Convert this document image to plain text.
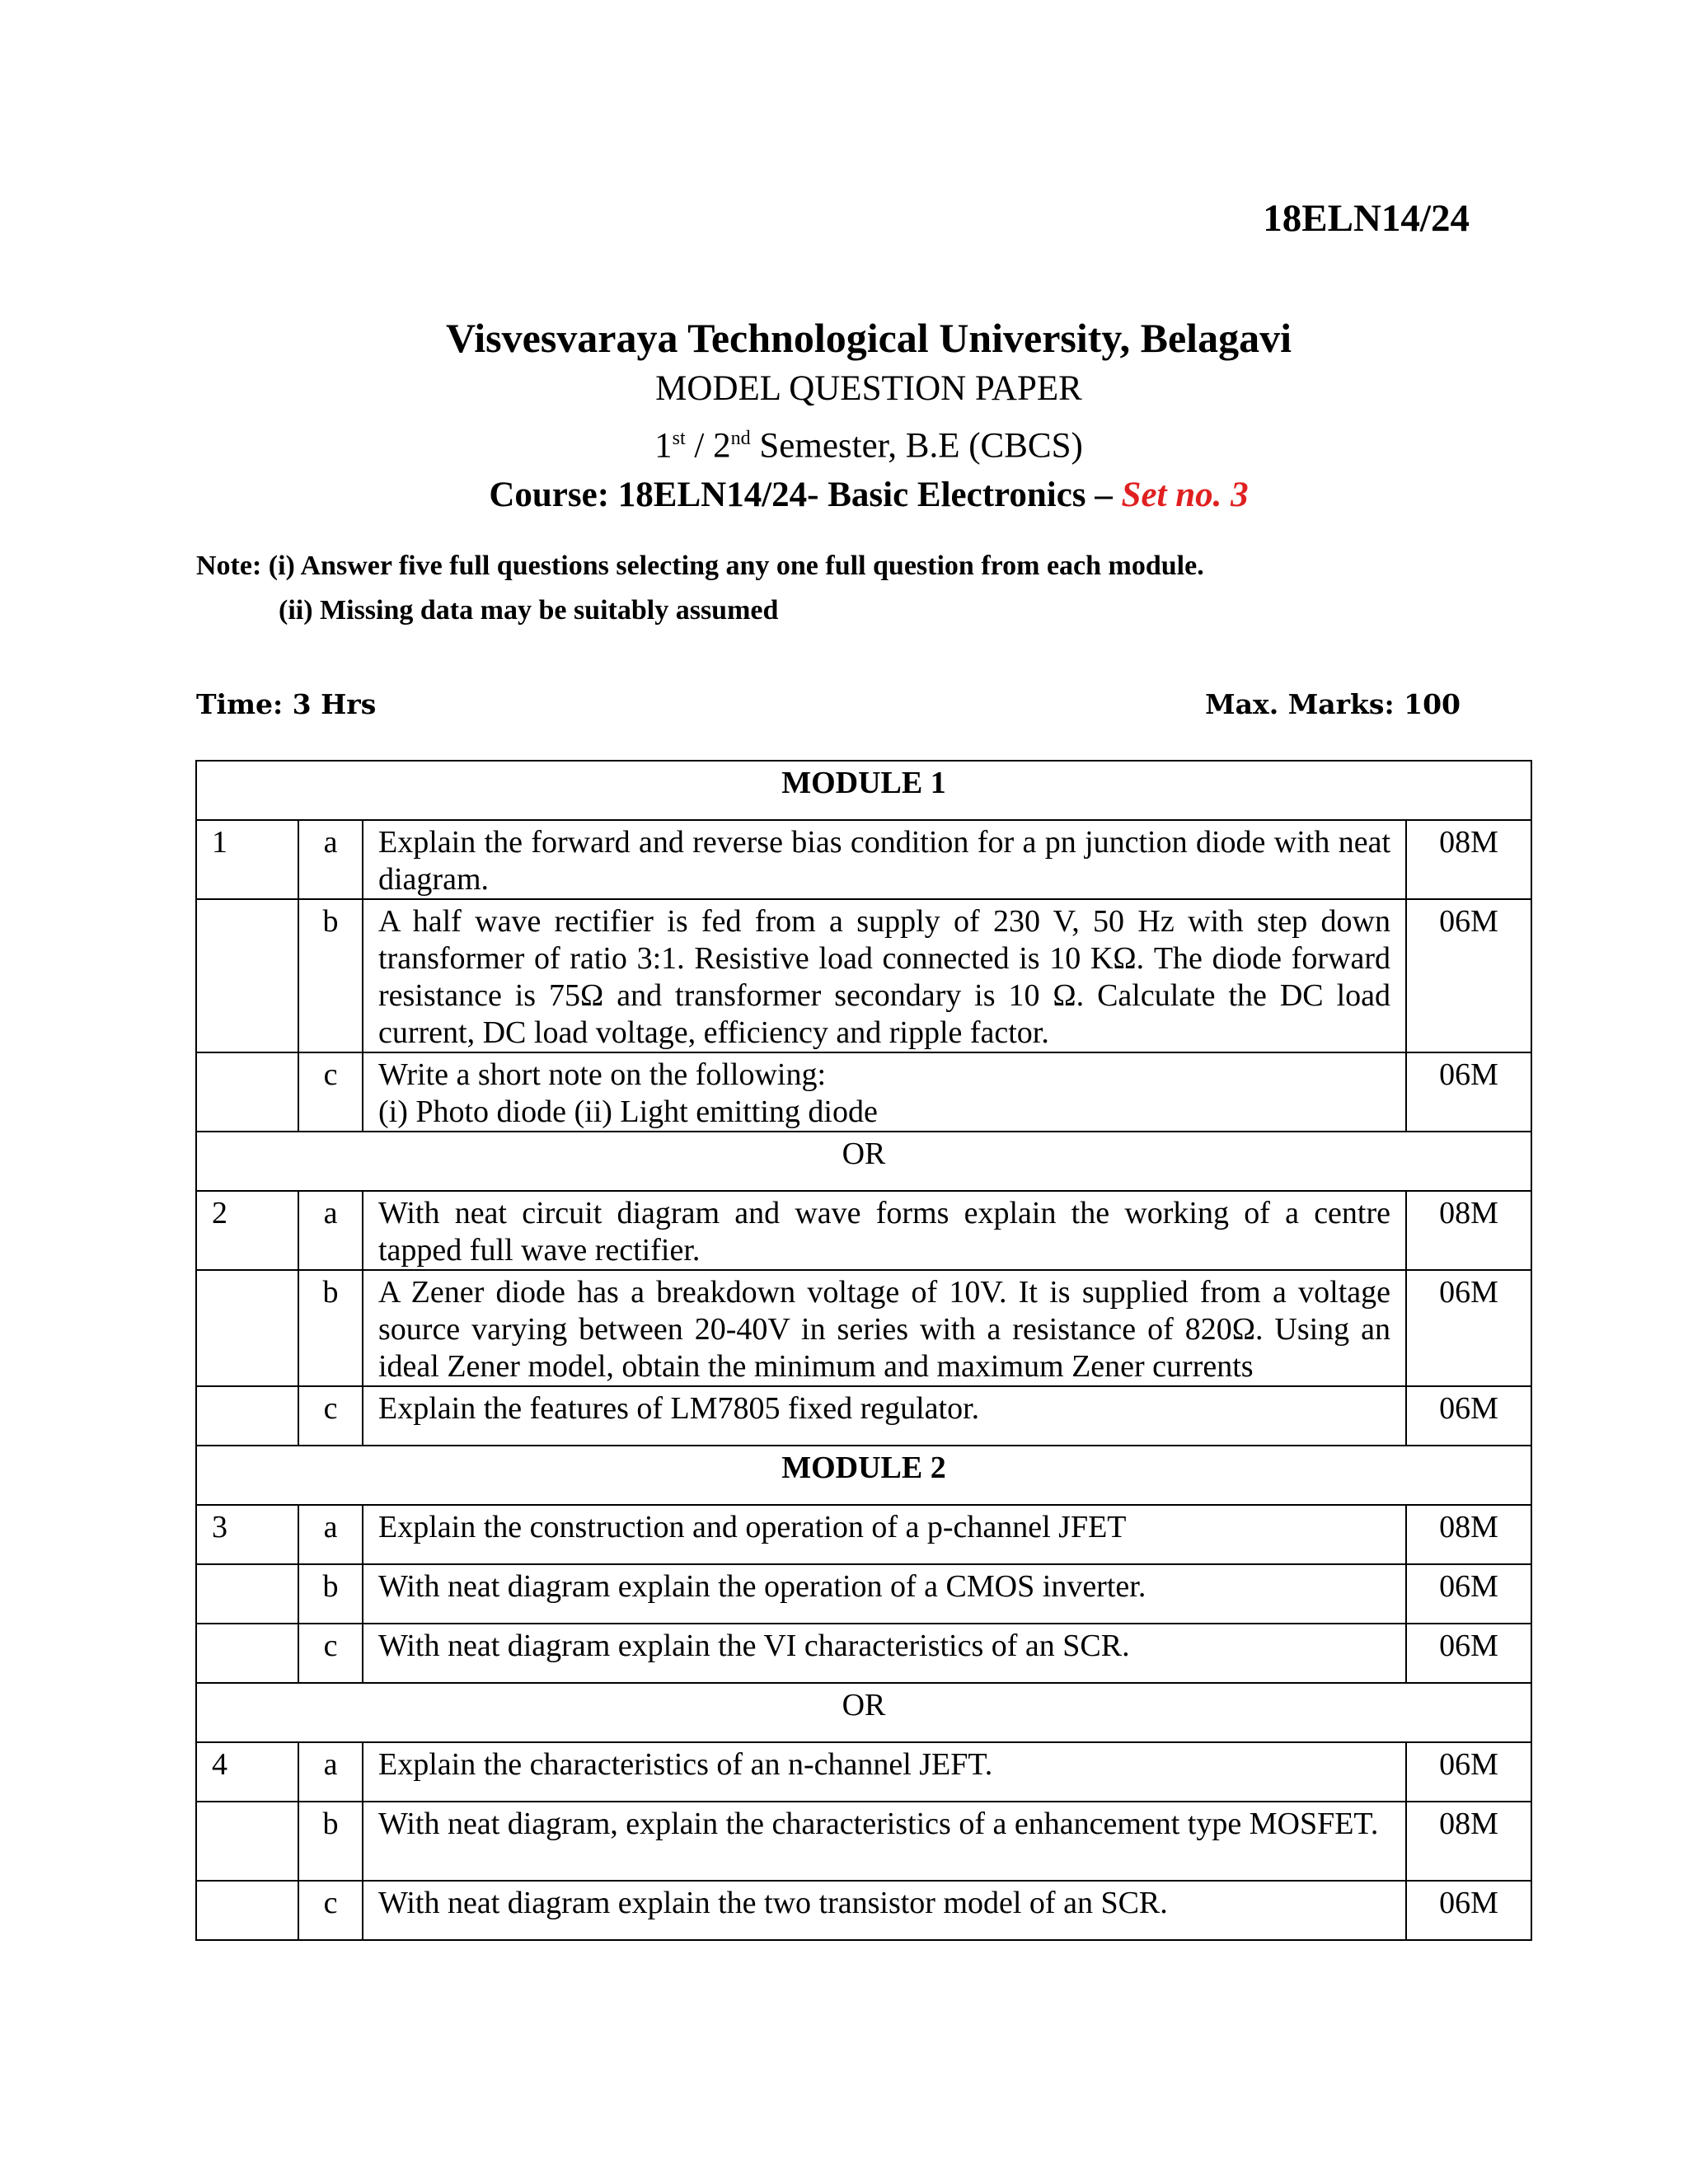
18ELN14/24
Visvesvaraya Technological University, Belagavi
MODEL QUESTION PAPER
1st / 2nd Semester, B.E (CBCS)
Course: 18ELN14/24- Basic Electronics – Set no. 3
Note: (i) Answer five full questions selecting any one full question from each module.
(ii) Missing data may be suitably assumed
Time: 3 Hrs	Max. Marks: 100
MODULE 1			
1	a	Explain the forward and reverse bias condition for a pn junction diode with neat diagram.	08M
	b	A half wave rectifier is fed from a supply of 230 V, 50 Hz with step down transformer of ratio 3:1. Resistive load connected is 10 KΩ. The diode forward resistance is 75Ω and transformer secondary is 10 Ω. Calculate the DC load current, DC load voltage, efficiency and ripple factor.	06M
	c	Write a short note on the following:
(i) Photo diode (ii) Light emitting diode	06M
OR			
2	a	With neat circuit diagram and wave forms explain the working of a centre tapped full wave rectifier.	08M
	b	A Zener diode has a breakdown voltage of 10V. It is supplied from a voltage source varying between 20-40V in series with a resistance of 820Ω. Using an ideal Zener model, obtain the minimum and maximum Zener currents	06M
	c	Explain the features of LM7805 fixed regulator.	06M
MODULE 2			
3	a	Explain the construction and operation of a p-channel JFET	08M
	b	With neat diagram explain the operation of a CMOS inverter.	06M
	c	With neat diagram explain the VI characteristics of an SCR.	06M
OR			
4	a	Explain the characteristics of an n-channel JEFT.	06M
	b	With neat diagram, explain the characteristics of a enhancement type MOSFET.	08M
	c	With neat diagram explain the two transistor model of an SCR.	06M
